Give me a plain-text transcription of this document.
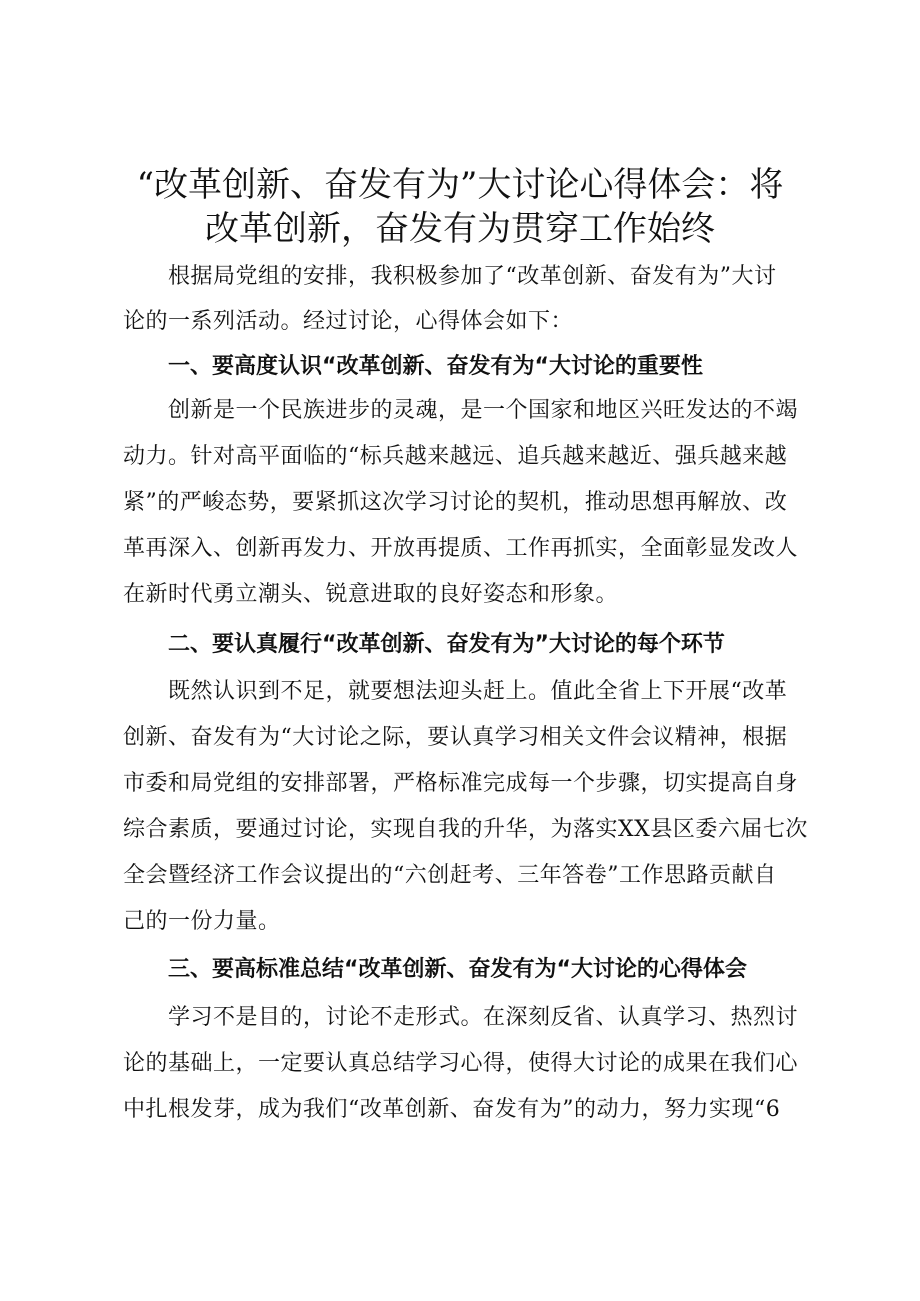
“改革创新、奋发有为”大讨论心得体会：将
改革创新，奋发有为贯穿工作始终
根据局党组的安排，我积极参加了“改革创新、奋发有为”大讨
论的一系列活动。经过讨论，心得体会如下：
一、要高度认识“改革创新、奋发有为“大讨论的重要性
创新是一个民族进步的灵魂，是一个国家和地区兴旺发达的不竭
动力。针对高平面临的“标兵越来越远、追兵越来越近、强兵越来越
紧”的严峻态势，要紧抓这次学习讨论的契机，推动思想再解放、改
革再深入、创新再发力、开放再提质、工作再抓实，全面彰显发改人
在新时代勇立潮头、锐意进取的良好姿态和形象。
二、要认真履行“改革创新、奋发有为”大讨论的每个环节
既然认识到不足，就要想法迎头赶上。值此全省上下开展“改革
创新、奋发有为“大讨论之际，要认真学习相关文件会议精神，根据
市委和局党组的安排部署，严格标准完成每一个步骤，切实提高自身
综合素质，要通过讨论，实现自我的升华，为落实XX县区委六届七次
全会暨经济工作会议提出的“六创赶考、三年答卷”工作思路贡献自
己的一份力量。
三、要高标准总结“改革创新、奋发有为“大讨论的心得体会
学习不是目的，讨论不走形式。在深刻反省、认真学习、热烈讨
论的基础上，一定要认真总结学习心得，使得大讨论的成果在我们心
中扎根发芽，成为我们“改革创新、奋发有为”的动力，努力实现“6
